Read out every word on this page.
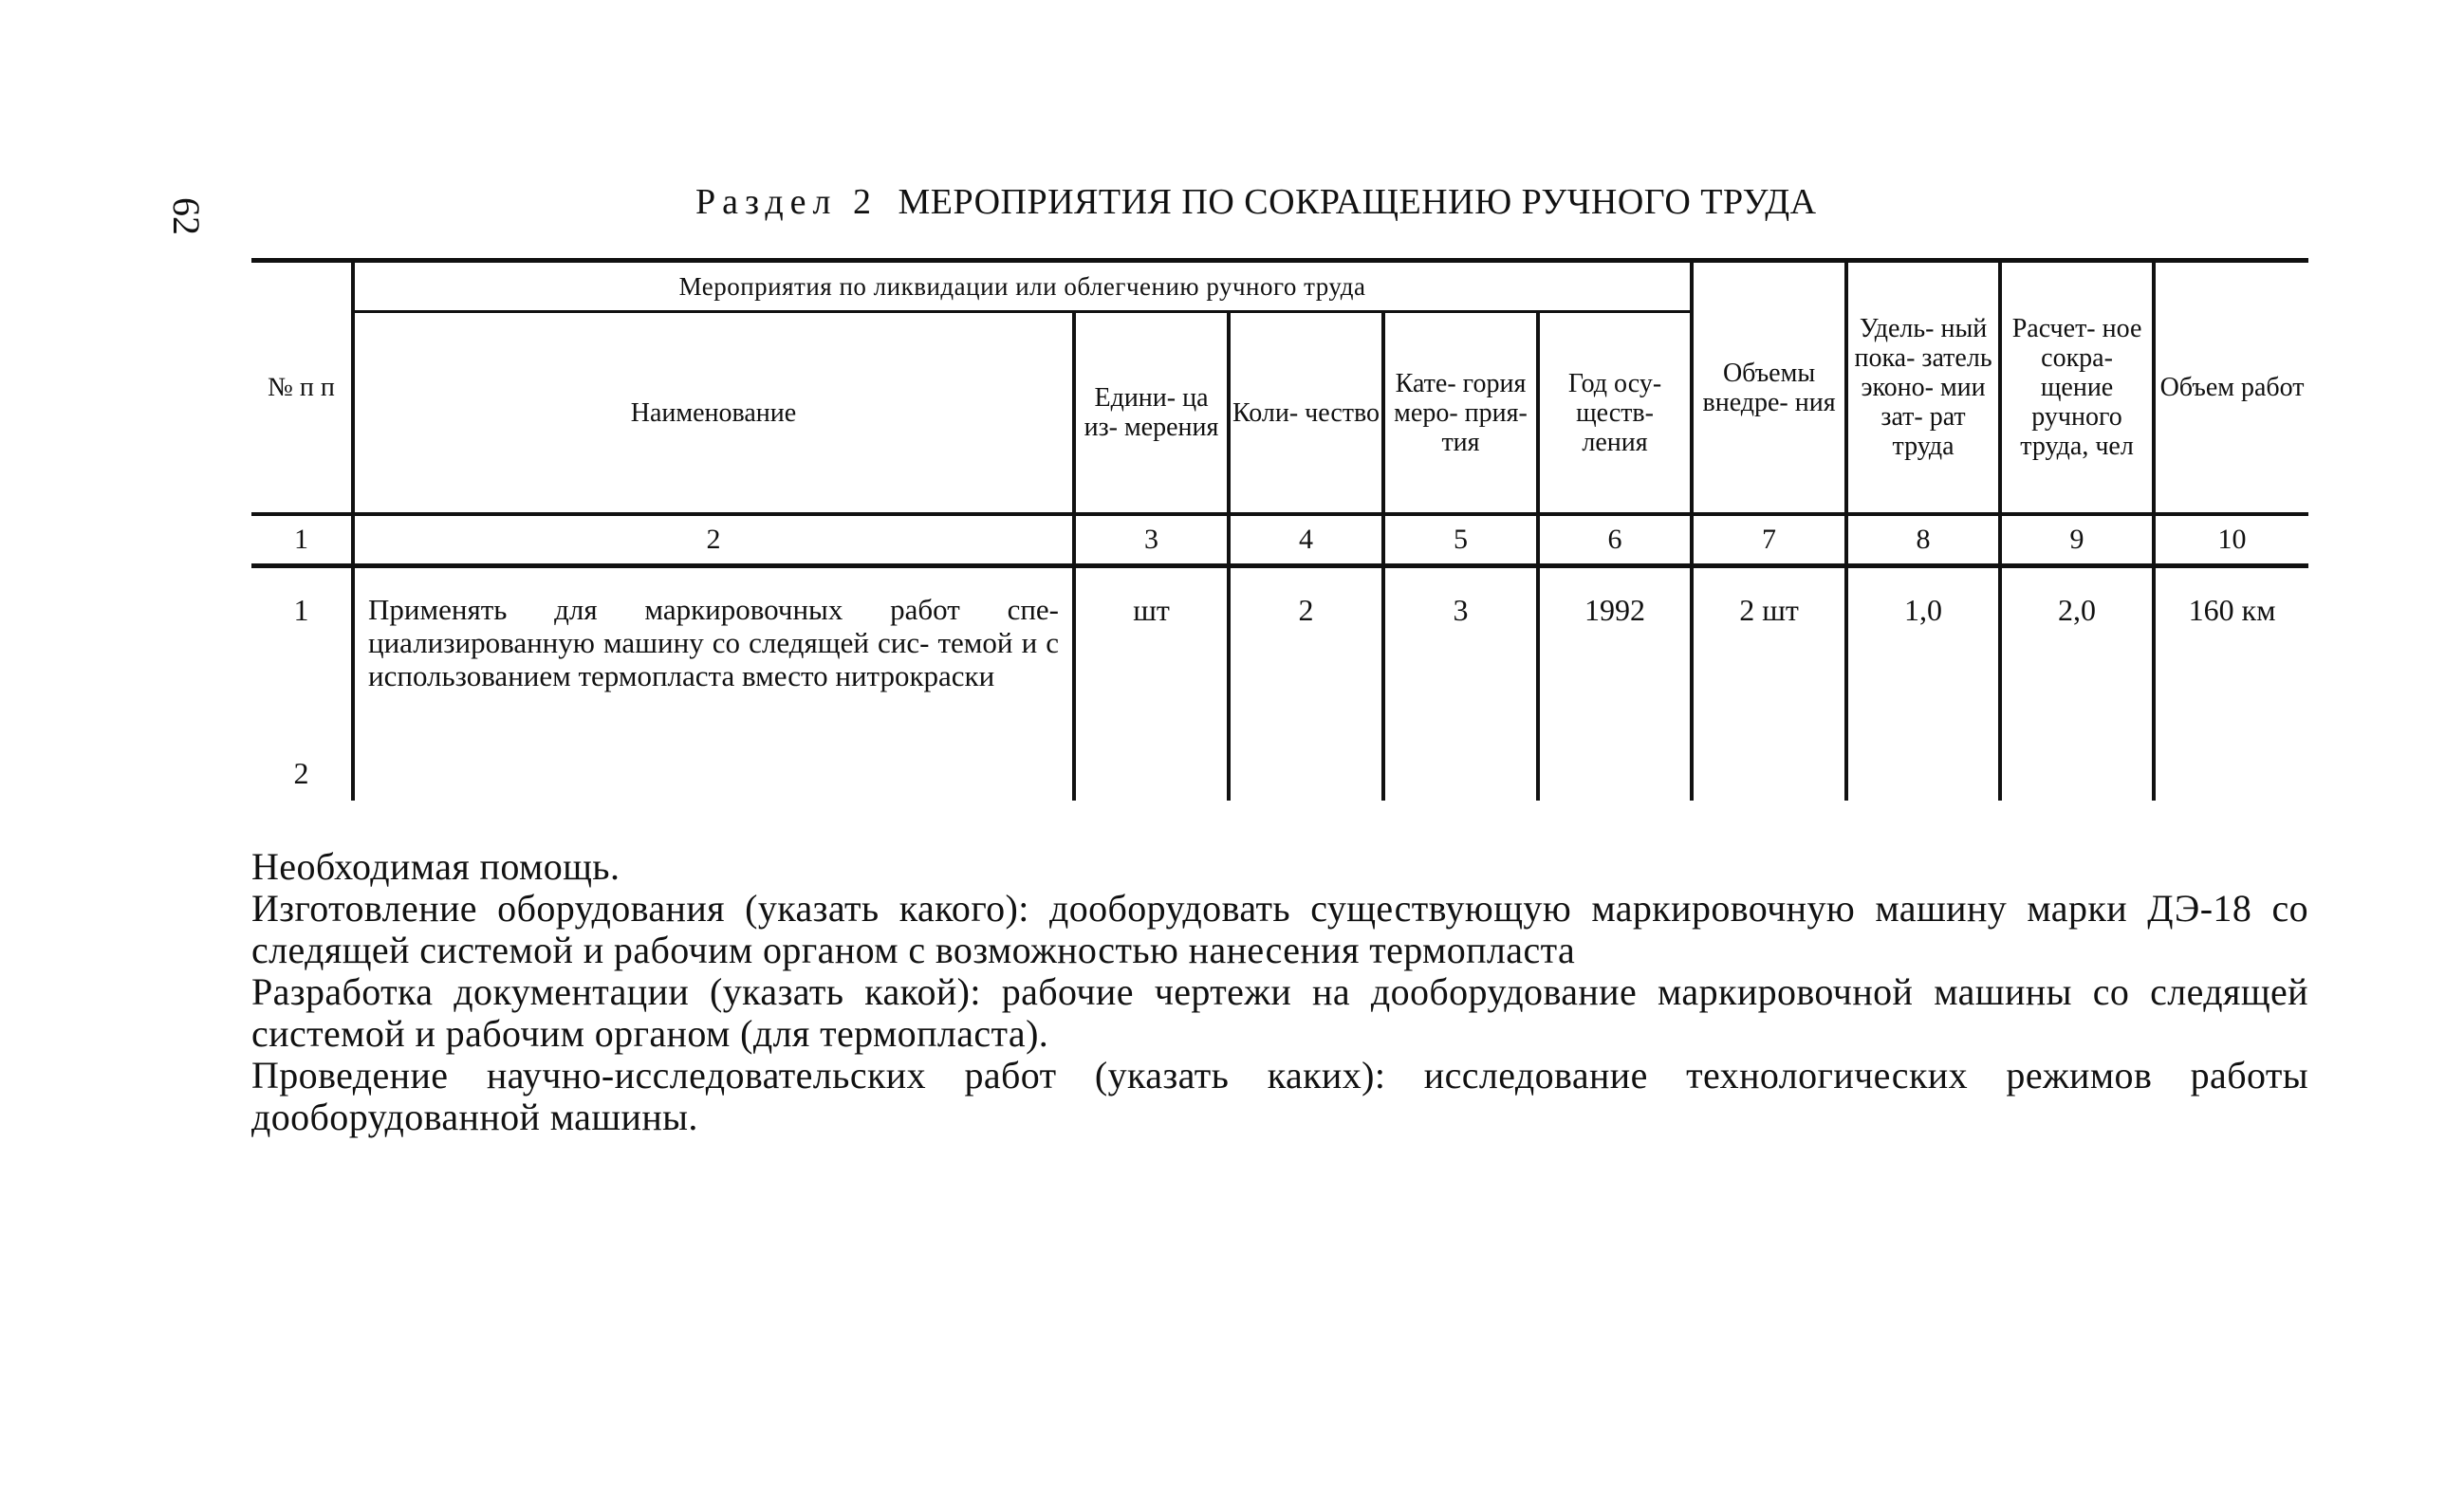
62	Раздел 2 МЕРОПРИЯТИЯ ПО СОКРАЩЕНИЮ РУЧНОГО ТРУДА
№ п п	Мероприятия по ликвидации или облегчению ручного труда					Объемы внедре- ния	Удель- ный пока- затель эконо- мии зат- рат труда	Расчет- ное сокра- щение ручного труда, чел	Объем работ
	Наименование	Едини- ца из- мерения	Коли- чество	Кате- гория меро- прия- тия	Год осу- ществ- ления				
1	2	3	4	5	6	7	8	9	10
1	Применять для маркировочных работ спе- циализированную машину со следящей сис- темой и с использованием термопласта вместо нитрокраски	шт	2	3	1992	2 шт	1,0	2,0	160 км
2									

Необходимая помощь.

Изготовление оборудования (указать какого): дооборудовать существующую маркировочную машину марки ДЭ-18 со следящей системой и рабочим органом с возможностью нанесения термопласта

Разработка документации (указать какой): рабочие чертежи на дооборудование маркировочной машины со следящей системой и рабочим органом (для термопласта).

Проведение научно-исследовательских работ (указать каких): исследование технологических режимов работы дооборудованной машины.
